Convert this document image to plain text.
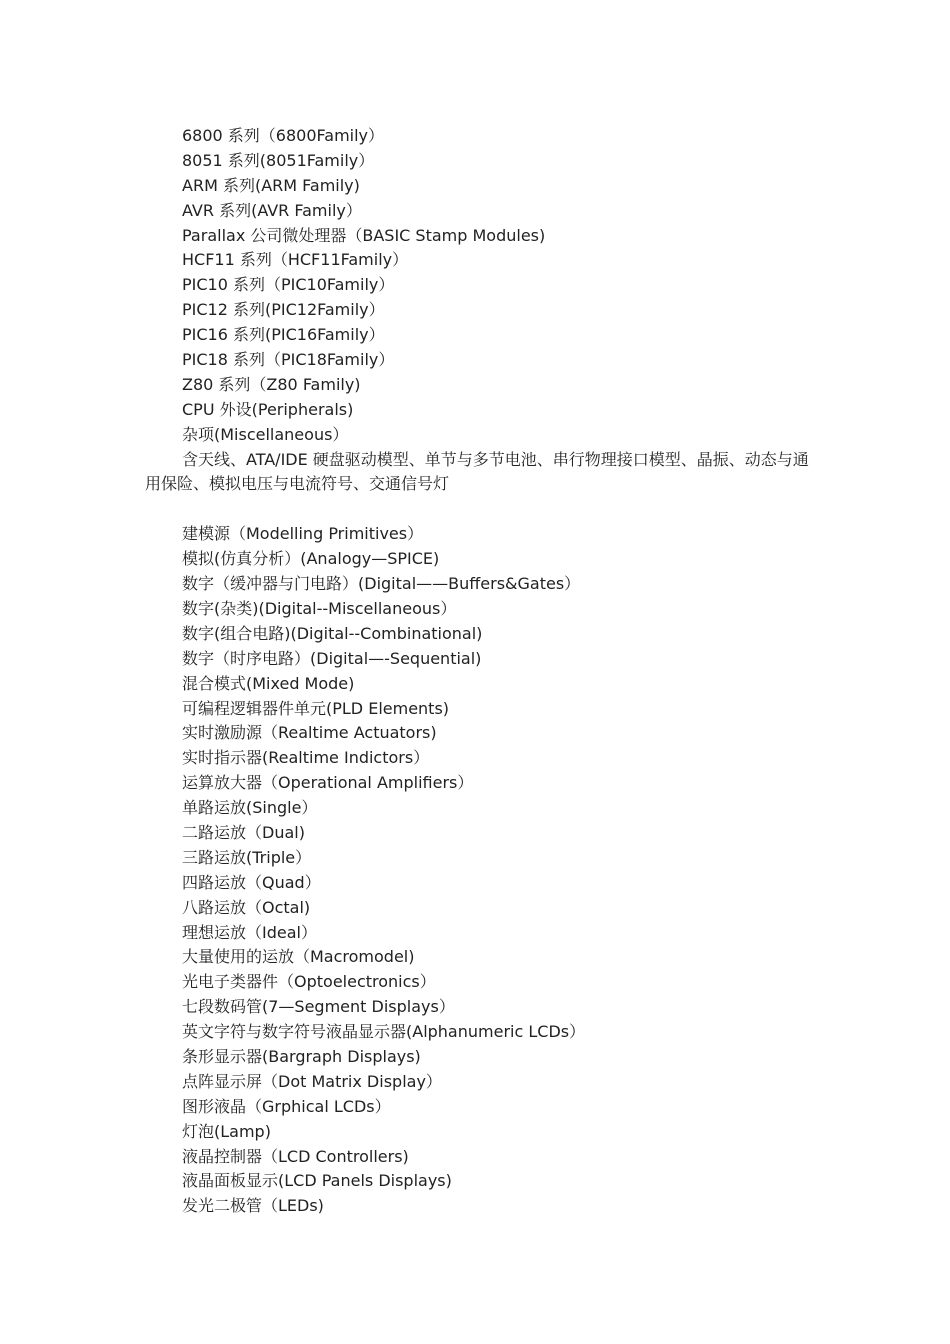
6800 系列（6800Family）
8051 系列(8051Family）
ARM 系列(ARM Family)
AVR 系列(AVR Family）
Parallax 公司微处理器（BASIC Stamp Modules)
HCF11 系列（HCF11Family）
PIC10 系列（PIC10Family）
PIC12 系列(PIC12Family）
PIC16 系列(PIC16Family）
PIC18 系列（PIC18Family）
Z80 系列（Z80 Family)
CPU 外设(Peripherals)
杂项(Miscellaneous）

含天线、ATA/IDE 硬盘驱动模型、单节与多节电池、串行物理接口模型、晶振、动态与通用保险、模拟电压与电流符号、交通信号灯

建模源（Modelling Primitives）
模拟(仿真分析）(Analogy—SPICE)
数字（缓冲器与门电路）(Digital——Buffers&Gates）
数字(杂类)(Digital--Miscellaneous）
数字(组合电路)(Digital--Combinational)
数字（时序电路）(Digital—-Sequential)
混合模式(Mixed Mode)
可编程逻辑器件单元(PLD Elements)
实时激励源（Realtime Actuators)
实时指示器(Realtime Indictors）
运算放大器（Operational Amplifiers）
单路运放(Single）
二路运放（Dual)
三路运放(Triple）
四路运放（Quad）
八路运放（Octal)
理想运放（Ideal）
大量使用的运放（Macromodel)
光电子类器件（Optoelectronics）
七段数码管(7—Segment Displays）
英文字符与数字符号液晶显示器(Alphanumeric LCDs）
条形显示器(Bargraph Displays)
点阵显示屏（Dot Matrix Display）
图形液晶（Grphical LCDs）
灯泡(Lamp)
液晶控制器（LCD Controllers)
液晶面板显示(LCD Panels Displays)
发光二极管（LEDs)
